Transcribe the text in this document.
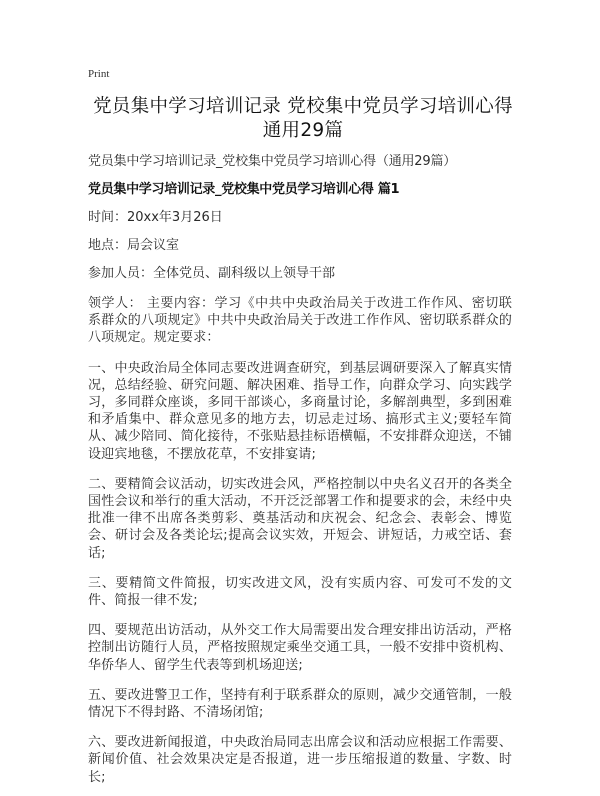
Print
党员集中学习培训记录 党校集中党员学习培训心得 通用29篇
党员集中学习培训记录_党校集中党员学习培训心得（通用29篇）
党员集中学习培训记录_党校集中党员学习培训心得 篇1
时间：20xx年3月26日
地点：局会议室
参加人员：全体党员、副科级以上领导干部

领学人： 主要内容：学习《中共中央政治局关于改进工作作风、密切联系群众的八项规定》中共中央政治局关于改进工作作风、密切联系群众的八项规定。规定要求：

一、中央政治局全体同志要改进调查研究，到基层调研要深入了解真实情况，总结经验、研究问题、解决困难、指导工作，向群众学习、向实践学习，多同群众座谈，多同干部谈心，多商量讨论，多解剖典型，多到困难和矛盾集中、群众意见多的地方去，切忌走过场、搞形式主义;要轻车简从、减少陪同、简化接待，不张贴悬挂标语横幅，不安排群众迎送，不铺设迎宾地毯，不摆放花草，不安排宴请;

二、要精简会议活动，切实改进会风，严格控制以中央名义召开的各类全国性会议和举行的重大活动，不开泛泛部署工作和提要求的会，未经中央批准一律不出席各类剪彩、奠基活动和庆祝会、纪念会、表彰会、博览会、研讨会及各类论坛;提高会议实效，开短会、讲短话，力戒空话、套话;

三、要精简文件简报，切实改进文风，没有实质内容、可发可不发的文件、简报一律不发;

四、要规范出访活动，从外交工作大局需要出发合理安排出访活动，严格控制出访随行人员，严格按照规定乘坐交通工具，一般不安排中资机构、华侨华人、留学生代表等到机场迎送;

五、要改进警卫工作，坚持有利于联系群众的原则，减少交通管制，一般情况下不得封路、不清场闭馆;

六、要改进新闻报道，中央政治局同志出席会议和活动应根据工作需要、新闻价值、社会效果决定是否报道，进一步压缩报道的数量、字数、时长;
